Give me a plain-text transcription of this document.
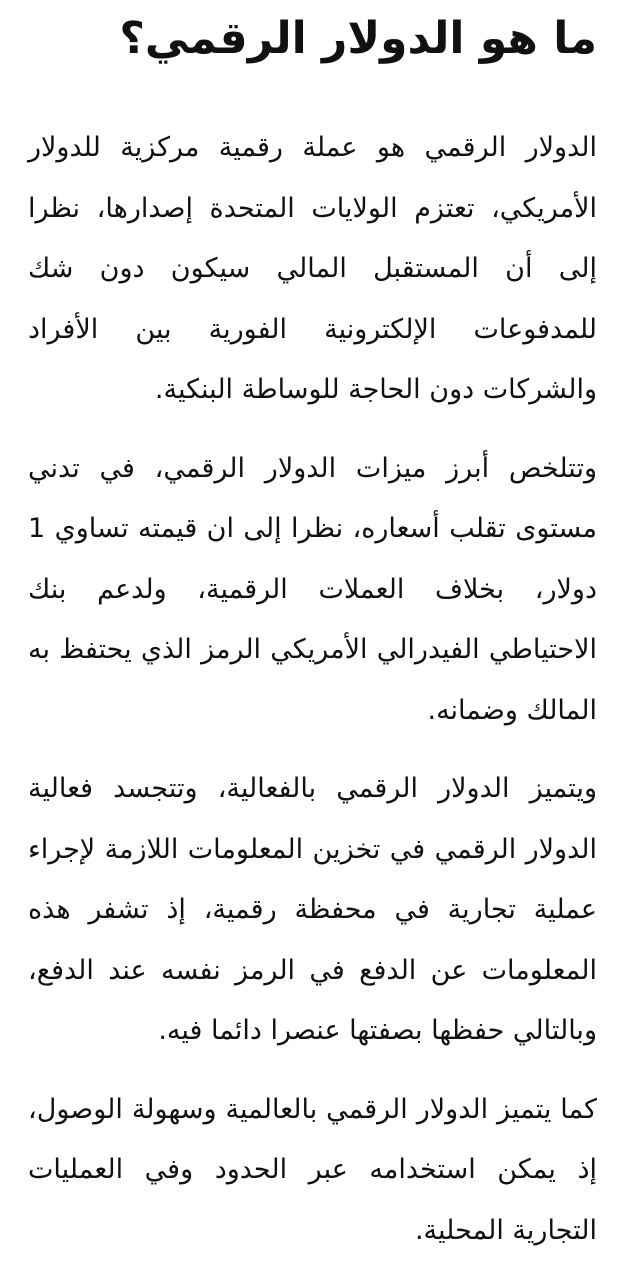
ما هو الدولار الرقمي؟

الدولار الرقمي هو عملة رقمية مركزية للدولار الأمريكي، تعتزم الولايات المتحدة إصدارها، نظرا إلى أن المستقبل المالي سيكون دون شك للمدفوعات الإلكترونية الفورية بين الأفراد والشركات دون الحاجة للوساطة البنكية.

وتتلخص أبرز ميزات الدولار الرقمي، في تدني مستوى تقلب أسعاره، نظرا إلى ان قيمته تساوي 1 دولار، بخلاف العملات الرقمية، ولدعم بنك الاحتياطي الفيدرالي الأمريكي الرمز الذي يحتفظ به المالك وضمانه.

ويتميز الدولار الرقمي بالفعالية، وتتجسد فعالية الدولار الرقمي في تخزين المعلومات اللازمة لإجراء عملية تجارية في محفظة رقمية، إذ تشفر هذه المعلومات عن الدفع في الرمز نفسه عند الدفع، وبالتالي حفظها بصفتها عنصرا دائما فيه.

كما يتميز الدولار الرقمي بالعالمية وسهولة الوصول، إذ يمكن استخدامه عبر الحدود وفي العمليات التجارية المحلية.
